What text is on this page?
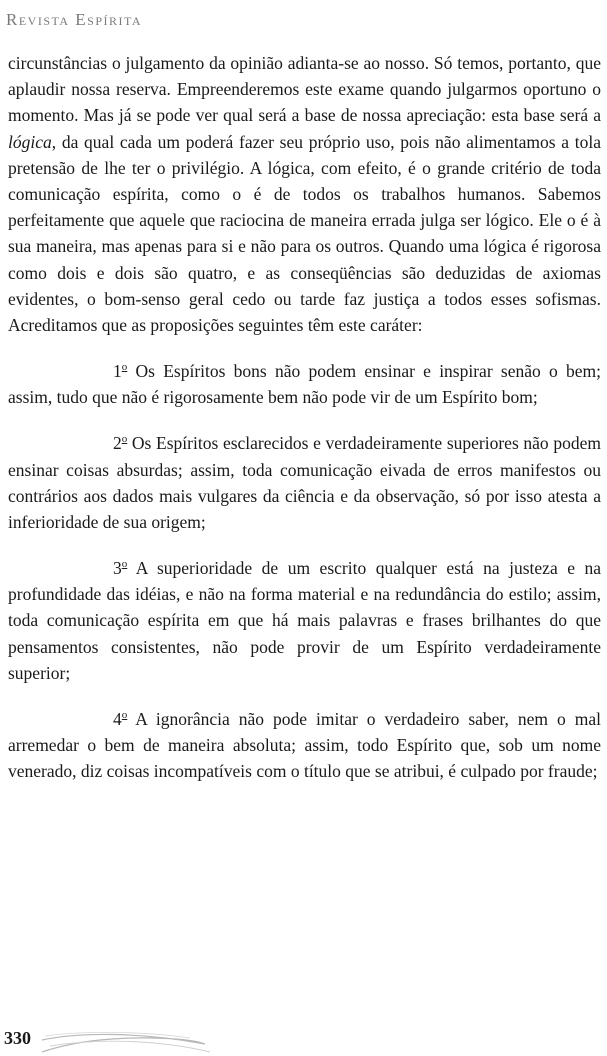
Revista Espírita

circunstâncias o julgamento da opinião adianta-se ao nosso. Só temos, portanto, que aplaudir nossa reserva. Empreenderemos este exame quando julgarmos oportuno o momento. Mas já se pode ver qual será a base de nossa apreciação: esta base será a lógica, da qual cada um poderá fazer seu próprio uso, pois não alimentamos a tola pretensão de lhe ter o privilégio. A lógica, com efeito, é o grande critério de toda comunicação espírita, como o é de todos os trabalhos humanos. Sabemos perfeitamente que aquele que raciocina de maneira errada julga ser lógico. Ele o é à sua maneira, mas apenas para si e não para os outros. Quando uma lógica é rigorosa como dois e dois são quatro, e as conseqüências são deduzidas de axiomas evidentes, o bom-senso geral cedo ou tarde faz justiça a todos esses sofismas. Acreditamos que as proposições seguintes têm este caráter:

1$^o$ Os Espíritos bons não podem ensinar e inspirar senão o bem; assim, tudo que não é rigorosamente bem não pode vir de um Espírito bom;

2$^o$ Os Espíritos esclarecidos e verdadeiramente superiores não podem ensinar coisas absurdas; assim, toda comunicação eivada de erros manifestos ou contrários aos dados mais vulgares da ciência e da observação, só por isso atesta a inferioridade de sua origem;

3$^o$ A superioridade de um escrito qualquer está na justeza e na profundidade das idéias, e não na forma material e na redundância do estilo; assim, toda comunicação espírita em que há mais palavras e frases brilhantes do que pensamentos consistentes, não pode provir de um Espírito verdadeiramente superior;

4$^o$ A ignorância não pode imitar o verdadeiro saber, nem o mal arremedar o bem de maneira absoluta; assim, todo Espírito que, sob um nome venerado, diz coisas incompatíveis com o título que se atribui, é culpado por fraude;

330
